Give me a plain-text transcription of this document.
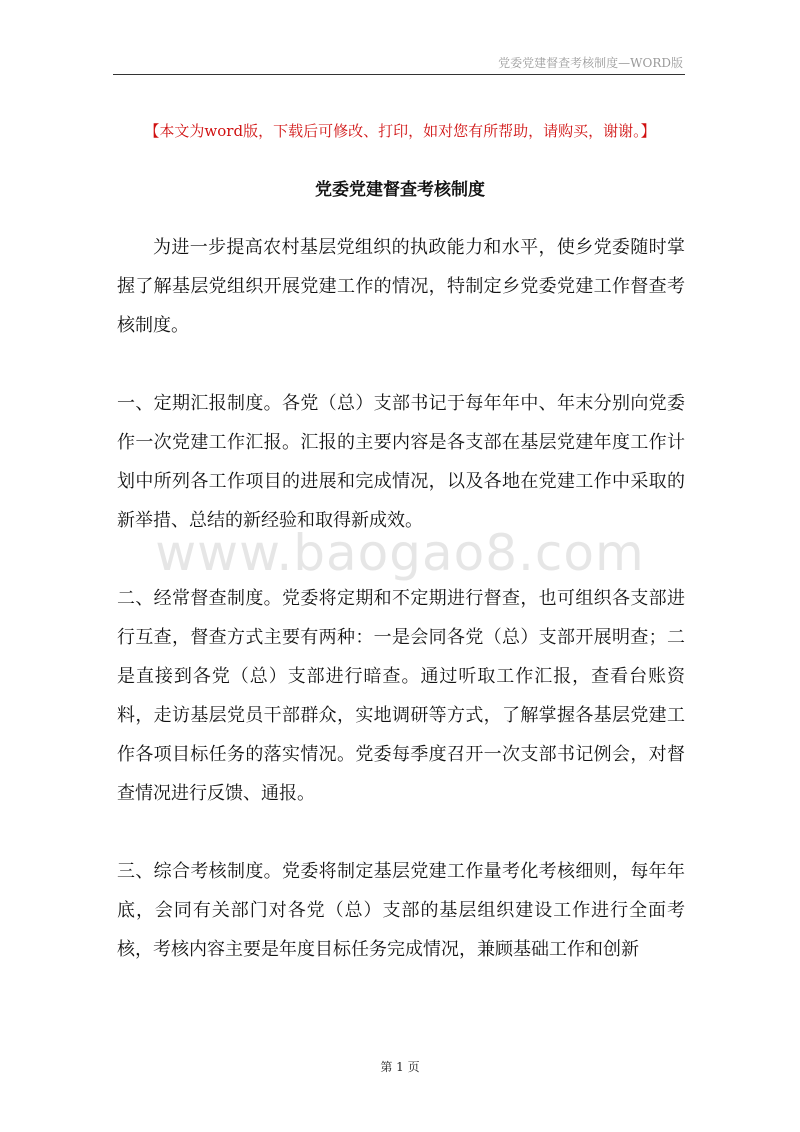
党委党建督查考核制度—WORD版
【本文为word版，下载后可修改、打印，如对您有所帮助，请购买，谢谢。】
www.baogao8.com
党委党建督查考核制度

为进一步提高农村基层党组织的执政能力和水平，使乡党委随时掌握了解基层党组织开展党建工作的情况，特制定乡党委党建工作督查考核制度。

一、定期汇报制度。各党（总）支部书记于每年年中、年末分别向党委作一次党建工作汇报。汇报的主要内容是各支部在基层党建年度工作计划中所列各工作项目的进展和完成情况，以及各地在党建工作中采取的新举措、总结的新经验和取得新成效。

二、经常督查制度。党委将定期和不定期进行督查，也可组织各支部进行互查，督查方式主要有两种：一是会同各党（总）支部开展明查；二是直接到各党（总）支部进行暗查。通过听取工作汇报，查看台账资料，走访基层党员干部群众，实地调研等方式，了解掌握各基层党建工作各项目标任务的落实情况。党委每季度召开一次支部书记例会，对督查情况进行反馈、通报。

三、综合考核制度。党委将制定基层党建工作量考化考核细则，每年年底，会同有关部门对各党（总）支部的基层组织建设工作进行全面考核，考核内容主要是年度目标任务完成情况，兼顾基础工作和创新

第 1 页
